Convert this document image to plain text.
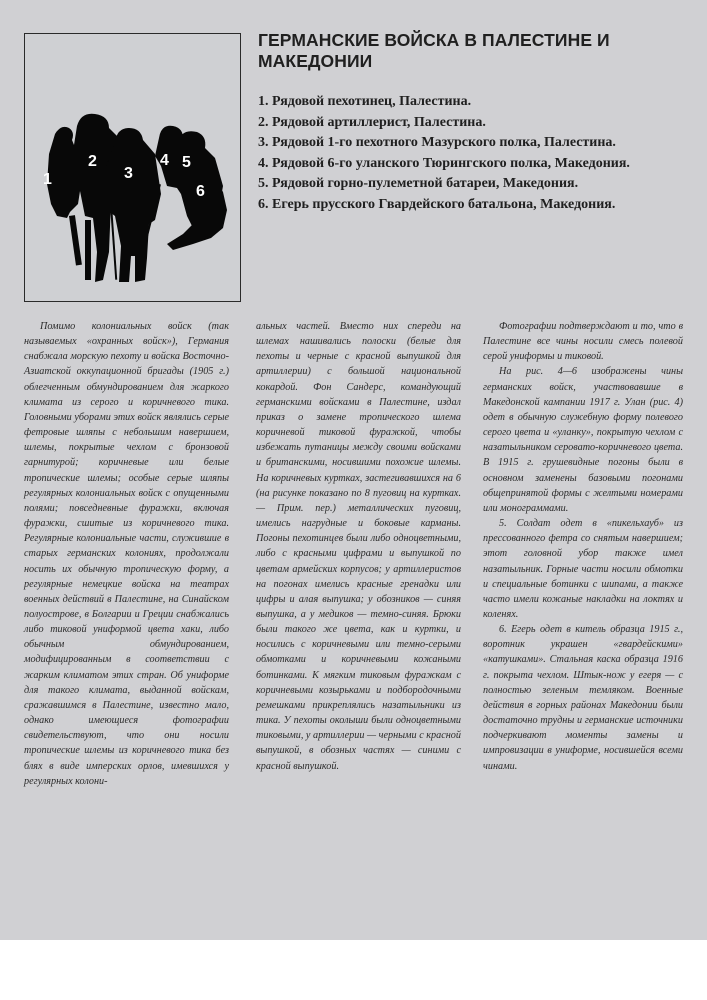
1
2
3
4 5
6
ГЕРМАНСКИЕ ВОЙСКА В ПАЛЕСТИНЕ И МАКЕДОНИИ
1. Рядовой пехотинец, Палестина.
2. Рядовой артиллерист, Палестина.
3. Рядовой 1-го пехотного Мазурского полка, Палестина.
4. Рядовой 6-го уланского Тюрингского полка, Македония.
5. Рядовой горно-пулеметной батареи, Македония.
6. Егерь прусского Гвардейского батальона, Македония.

Помимо колониальных войск (так называемых «охранных войск»), Германия снабжала морскую пехоту и войска Восточно-Азиатской оккупационной бригады (1905 г.) облегченным обмундированием для жаркого климата из серого и коричневого тика. Головными уборами этих войск являлись серые фетровые шляпы с небольшим навершием, шлемы, покрытые чехлом с бронзовой гарнитурой; коричневые или белые тропические шлемы; особые серые шляпы регулярных колониальных войск с опущенными полями; повседневные фуражки, включая фуражки, сшитые из коричневого тика. Регулярные колониальные части, служившие в старых германских колониях, продолжали носить их обычную тропическую форму, а регулярные немецкие войска на театрах военных действий в Палестине, на Синайском полуострове, в Болгарии и Греции снабжались либо тиковой униформой цвета хаки, либо обычным обмундированием, модифицированным в соответствии с жарким климатом этих стран. Об униформе для такого климата, выданной войскам, сражавшимся в Палестине, известно мало, однако имеющиеся фотографии свидетельствуют, что они носили тропические шлемы из коричневого тика без блях в виде имперских орлов, имевшихся у регулярных колони-

альных частей. Вместо них спереди на шлемах нашивались полоски (белые для пехоты и черные с красной выпушкой для артиллерии) с большой национальной кокардой. Фон Сандерс, командующий германскими войсками в Палестине, издал приказ о замене тропического шлема коричневой тиковой фуражкой, чтобы избежать путаницы между своими войсками и британскими, носившими похожие шлемы. На коричневых куртках, застегивавшихся на 6 (на рисунке показано по 8 пуговиц на куртках. — Прим. пер.) металлических пуговиц, имелись нагрудные и боковые карманы. Погоны пехотинцев были либо одноцветными, либо с красными цифрами и выпушкой по цветам армейских корпусов; у артиллеристов на погонах имелись красные гренадки или цифры и алая выпушка; у обозников — синяя выпушка, а у медиков — темно-синяя. Брюки были такого же цвета, как и куртки, и носились с коричневыми или темно-серыми обмотками и коричневыми кожаными ботинками. К мягким тиковым фуражкам с коричневыми козырьками и подбородочными ремешками прикреплялись назатыльники из тика. У пехоты околыши были одноцветными тиковыми, у артиллерии — черными с красной выпушкой, в обозных частях — синими с красной выпушкой.

Фотографии подтверждают и то, что в Палестине все чины носили смесь полевой серой униформы и тиковой.

На рис. 4—6 изображены чины германских войск, участвовавшие в Македонской кампании 1917 г. Улан (рис. 4) одет в обычную служебную форму полевого серого цвета и «уланку», покрытую чехлом с назатыльником серовато-коричневого цвета. В 1915 г. грушевидные погоны были в основном заменены базовыми погонами общепринятой формы с желтыми номерами или монограммами.

5. Солдат одет в «пикельхауб» из прессованного фетра со снятым навершием; этот головной убор также имел назатыльник. Горные части носили обмотки и специальные ботинки с шипами, а также часто имели кожаные накладки на локтях и коленях.

6. Егерь одет в китель образца 1915 г., воротник украшен «гвардейскими» «катушками». Стальная каска образца 1916 г. покрыта чехлом. Штык-нож у егеря — с полностью зеленым темляком. Военные действия в горных районах Македонии были достаточно трудны и германские источники подчеркивают моменты замены и импровизации в униформе, носившейся всеми чинами.
